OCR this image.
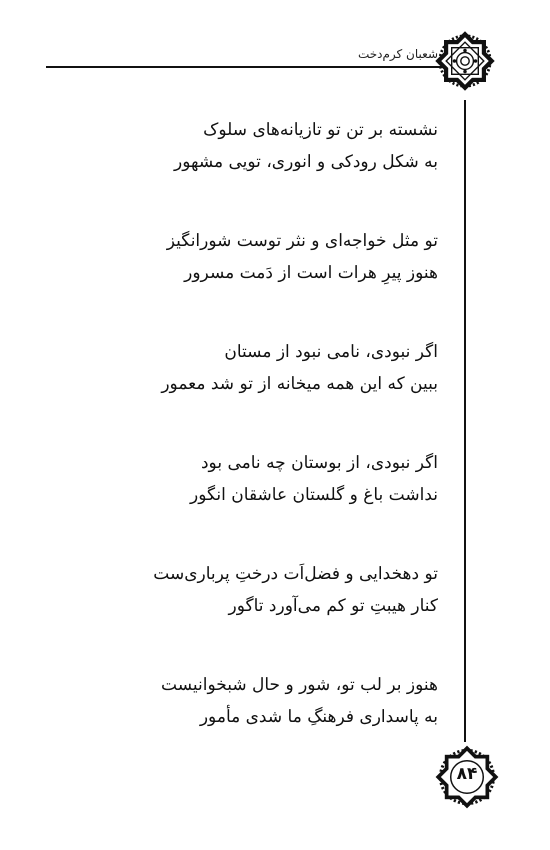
شعبان کرم‌دخت
نشسته بر تن تو تازیانه‌های سلوک
به شکل رودکی و انوری، تویی مشهور
تو مثل خواجه‌ای و نثر توست شورانگیز
هنوز پیرِ هرات است از دَمت مسرور
اگر نبودی، نامی نبود از مستان
ببین که این همه میخانه از تو شد معمور
اگر نبودی، از بوستان چه نامی بود
نداشت باغ و گلستان عاشقان انگور
تو دهخدایی و فضل‌اَت درختِ پرباری‌ست
کنار هیبتِ تو کم می‌آورد تاگور
هنوز بر لب تو، شور و حال شبخوانیست
به پاسداری فرهنگِ ما شدی مأمور
۸۴
